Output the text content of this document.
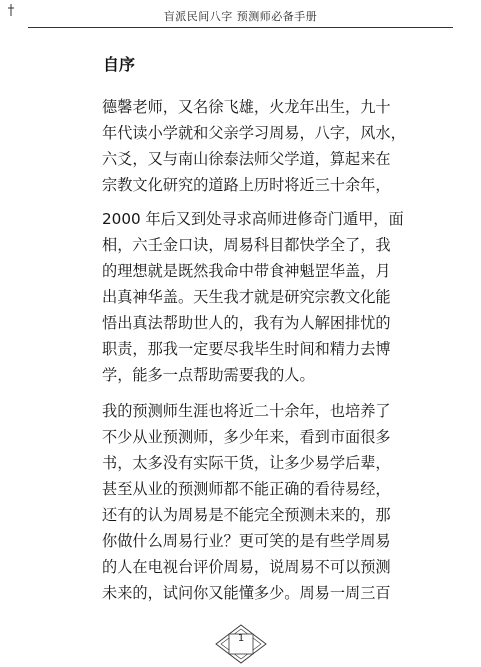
盲派民间八字 预测师必备手册
自序
德馨老师，又名徐飞雄，火龙年出生，九十
年代读小学就和父亲学习周易，八字，风水，
六爻，又与南山徐泰法师父学道，算起来在
宗教文化研究的道路上历时将近三十余年，
2000 年后又到处寻求高师进修奇门遁甲，面
相，六壬金口诀，周易科目都快学全了，我
的理想就是既然我命中带食神魁罡华盖，月
出真神华盖。天生我才就是研究宗教文化能
悟出真法帮助世人的，我有为人解困排忧的
职责，那我一定要尽我毕生时间和精力去博
学，能多一点帮助需要我的人。
我的预测师生涯也将近二十余年，也培养了
不少从业预测师，多少年来，看到市面很多
书，太多没有实际干货，让多少易学后辈，
甚至从业的预测师都不能正确的看待易经，
还有的认为周易是不能完全预测未来的，那
你做什么周易行业？更可笑的是有些学周易
的人在电视台评价周易，说周易不可以预测
未来的，试问你又能懂多少。周易一周三百
1
